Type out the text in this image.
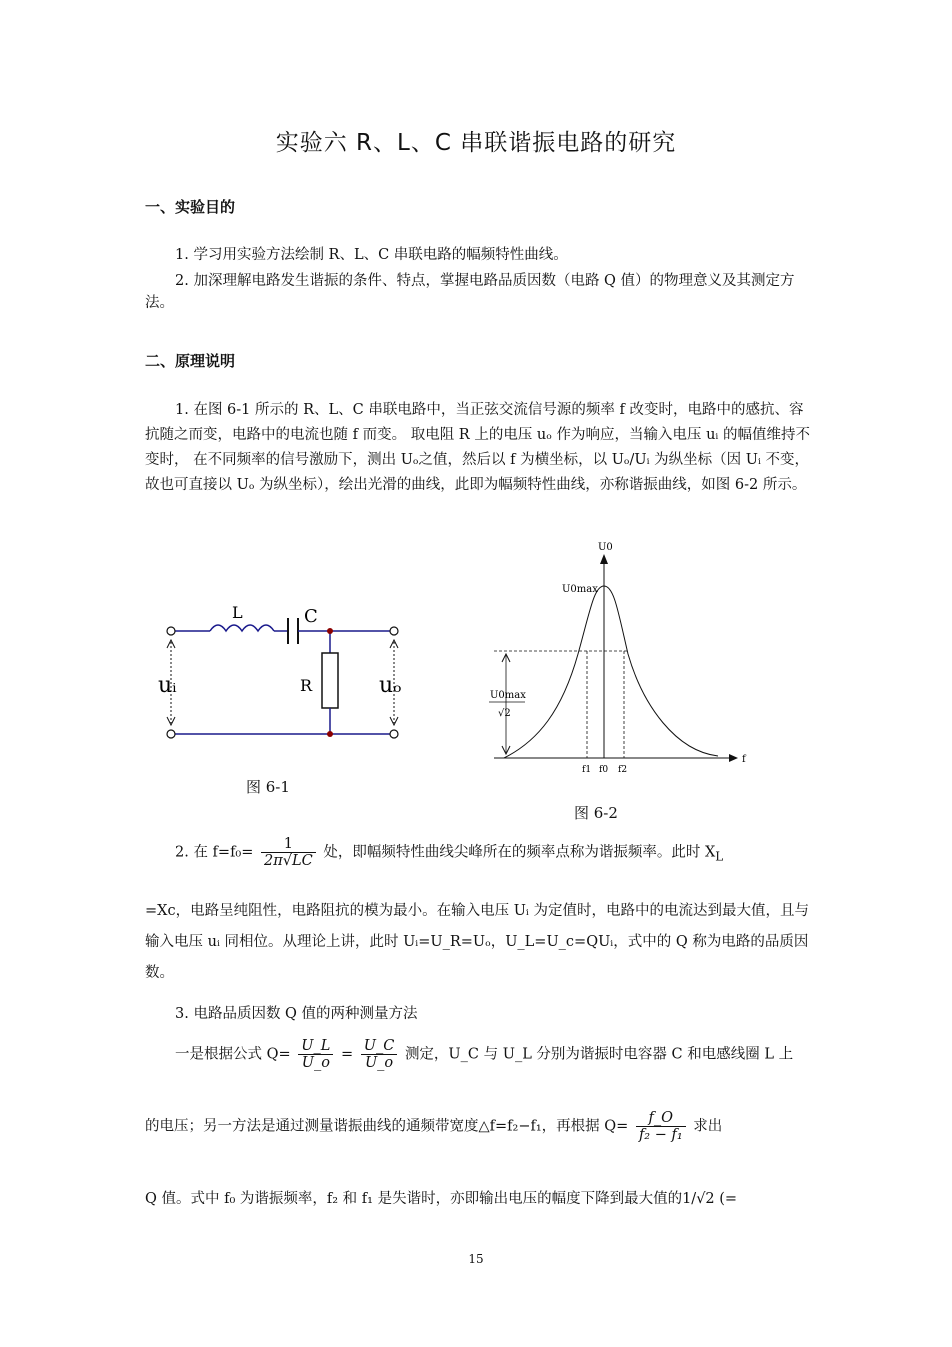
实验六 R、L、C 串联谐振电路的研究
一、实验目的
1. 学习用实验方法绘制 R、L、C 串联电路的幅频特性曲线。
2. 加深理解电路发生谐振的条件、特点，掌握电路品质因数（电路 Q 值）的物理意义及其测定方法。
二、原理说明
1. 在图 6-1 所示的 R、L、C 串联电路中，当正弦交流信号源的频率 f 改变时，电路中的感抗、容抗随之而变，电路中的电流也随 f 而变。 取电阻 R 上的电压 uₒ 作为响应，当输入电压 uᵢ 的幅值维持不变时， 在不同频率的信号激励下，测出 Uₒ之值，然后以 f 为横坐标，以 Uₒ/Uᵢ 为纵坐标（因 Uᵢ 不变，故也可直接以 Uₒ 为纵坐标），绘出光滑的曲线，此即为幅频特性曲线，亦称谐振曲线，如图 6-2 所示。
L	C
R
uᵢ	uₒ
图 6-1
U0
f
U0max
U0max
√2
f1 f0 f2
图 6-2
2. 在 $f=f_0= \frac{1}{2\pi√LC}$ 处，即幅频特性曲线尖峰所在的频率点称为谐振频率。此时 $X_L$
=Xc，电路呈纯阻性，电路阻抗的模为最小。在输入电压 Uᵢ 为定值时，电路中的电流达到最大值，且与输入电压 uᵢ 同相位。从理论上讲，此时 Uᵢ=U_R=Uₒ，U_L=U_c=QUᵢ，式中的 Q 称为电路的品质因数。
3. 电路品质因数 Q 值的两种测量方法
一是根据公式 $Q= \frac{U\_L}{U\_o} = \frac{U\_C}{U\_o}$ 测定，U_C 与 U_L 分别为谐振时电容器 C 和电感线圈 L 上
的电压；另一方法是通过测量谐振曲线的通频带宽度△f=f₂−f₁，再根据 $Q= \frac{f\_O}{\text{f₂ − f₁}}$ 求出
Q 值。式中 f₀ 为谐振频率，f₂ 和 f₁ 是失谐时，亦即输出电压的幅度下降到最大值的1/√2 (=
15
